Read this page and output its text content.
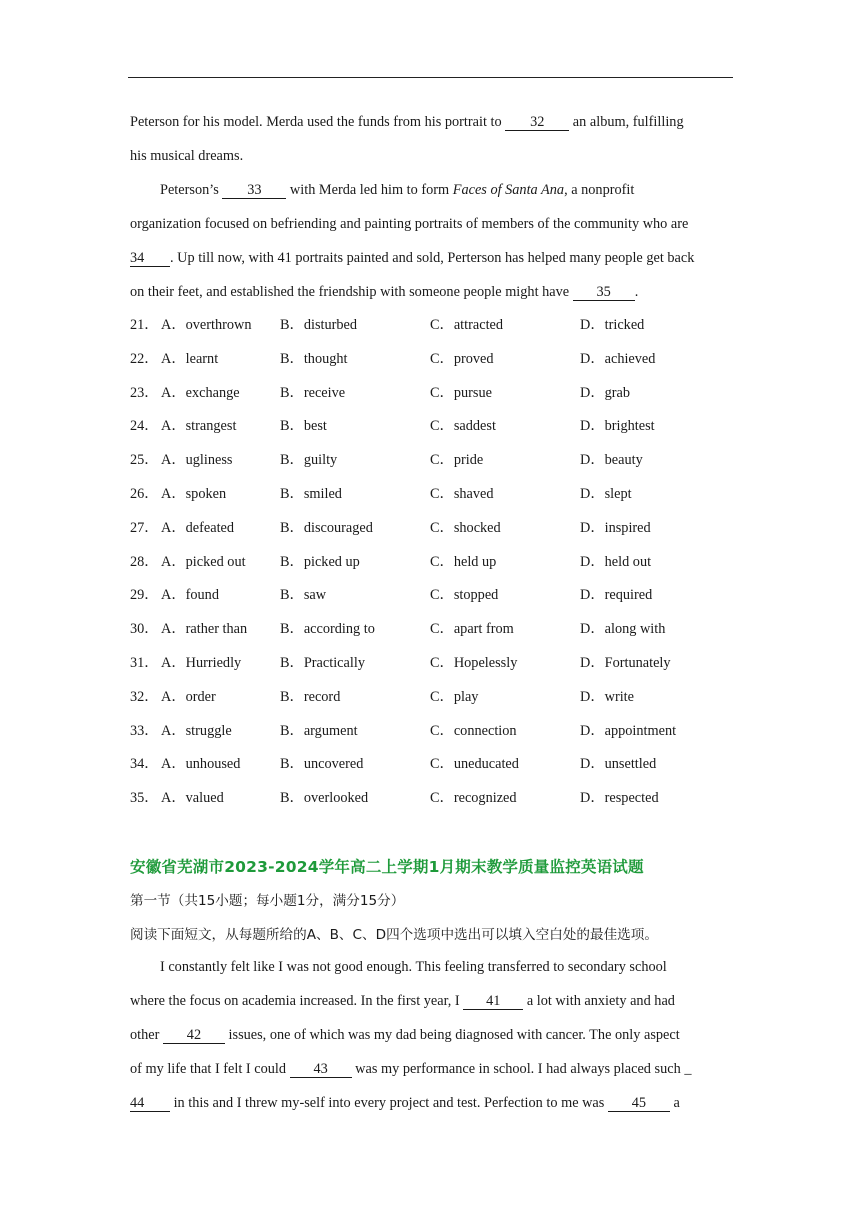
Peterson for his model. Merda used the funds from his portrait to 32 an album, fulfilling
his musical dreams.
Peterson’s 33 with Merda led him to form Faces of Santa Ana, a nonprofit
organization focused on befriending and painting portraits of members of the community who are
34 . Up till now, with 41 portraits painted and sold, Perterson has helped many people get back
on their feet, and established the friendship with someone people might have 35 .
21． A．overthrown B．disturbed	C．attracted	D．tricked
22． A．learnt	B．thought	C．proved	D．achieved
23． A．exchange	B．receive	C．pursue	D．grab
24． A．strangest	B．best	C．saddest	D．brightest
25． A．ugliness	B．guilty	C．pride	D．beauty
26． A．spoken	B．smiled	C．shaved	D．slept
27． A．defeated	B．discouraged	C．shocked	D．inspired
28． A．picked out B．picked up	C．held up	D．held out
29． A．found	B．saw	C．stopped	D．required
30． A．rather than B．according to	C．apart from	D．along with
31． A．Hurriedly	B．Practically	C．Hopelessly	D．Fortunately
32． A．order	B．record	C．play	D．write
33． A．struggle	B．argument	C．connection	D．appointment
34． A．unhoused	B．uncovered	C．uneducated	D．unsettled
35． A．valued	B．overlooked	C．recognized	D．respected
安徽省芜湖市2023-2024学年高二上学期1月期末教学质量监控英语试题
第一节（共15小题；每小题1分，满分15分）
阅读下面短文，从每题所给的A、B、C、D四个选项中选出可以填入空白处的最佳选项。
I constantly felt like I was not good enough. This feeling transferred to secondary school
where the focus on academia increased. In the first year, I 41 a lot with anxiety and had
other 42 issues, one of which was my dad being diagnosed with cancer. The only aspect
of my life that I felt I could 43 was my performance in school. I had always placed such _
44 in this and I threw my-self into every project and test. Perfection to me was 45 a
